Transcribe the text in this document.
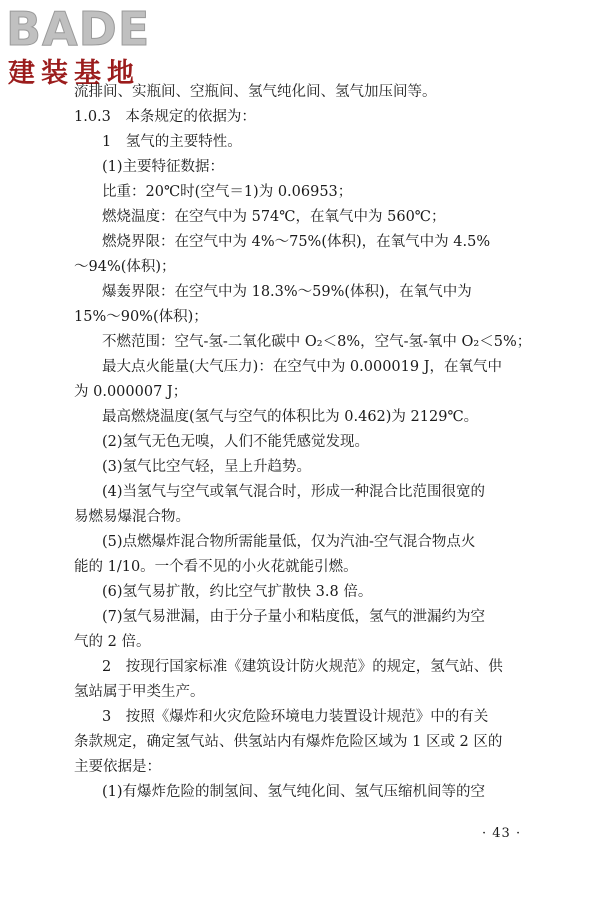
BADE
建装基地
流排间、实瓶间、空瓶间、氢气纯化间、氢气加压间等。
1.0.3　本条规定的依据为：
1　氢气的主要特性。
(1)主要特征数据：
比重：20℃时(空气＝1)为 0.06953；
燃烧温度：在空气中为 574℃，在氧气中为 560℃；
燃烧界限：在空气中为 4%～75%(体积)，在氧气中为 4.5%
～94%(体积)；
爆轰界限：在空气中为 18.3%～59%(体积)，在氧气中为
15%～90%(体积)；
不燃范围：空气-氢-二氧化碳中 O₂＜8%，空气-氢-氧中 O₂＜5%；
最大点火能量(大气压力)：在空气中为 0.000019 J，在氧气中
为 0.000007 J；
最高燃烧温度(氢气与空气的体积比为 0.462)为 2129℃。
(2)氢气无色无嗅，人们不能凭感觉发现。
(3)氢气比空气轻，呈上升趋势。
(4)当氢气与空气或氧气混合时，形成一种混合比范围很宽的
易燃易爆混合物。
(5)点燃爆炸混合物所需能量低，仅为汽油-空气混合物点火
能的 1/10。一个看不见的小火花就能引燃。
(6)氢气易扩散，约比空气扩散快 3.8 倍。
(7)氢气易泄漏，由于分子量小和粘度低，氢气的泄漏约为空
气的 2 倍。
2　按现行国家标准《建筑设计防火规范》的规定，氢气站、供
氢站属于甲类生产。
3　按照《爆炸和火灾危险环境电力装置设计规范》中的有关
条款规定，确定氢气站、供氢站内有爆炸危险区域为 1 区或 2 区的
主要依据是：
(1)有爆炸危险的制氢间、氢气纯化间、氢气压缩机间等的空
· 43 ·
